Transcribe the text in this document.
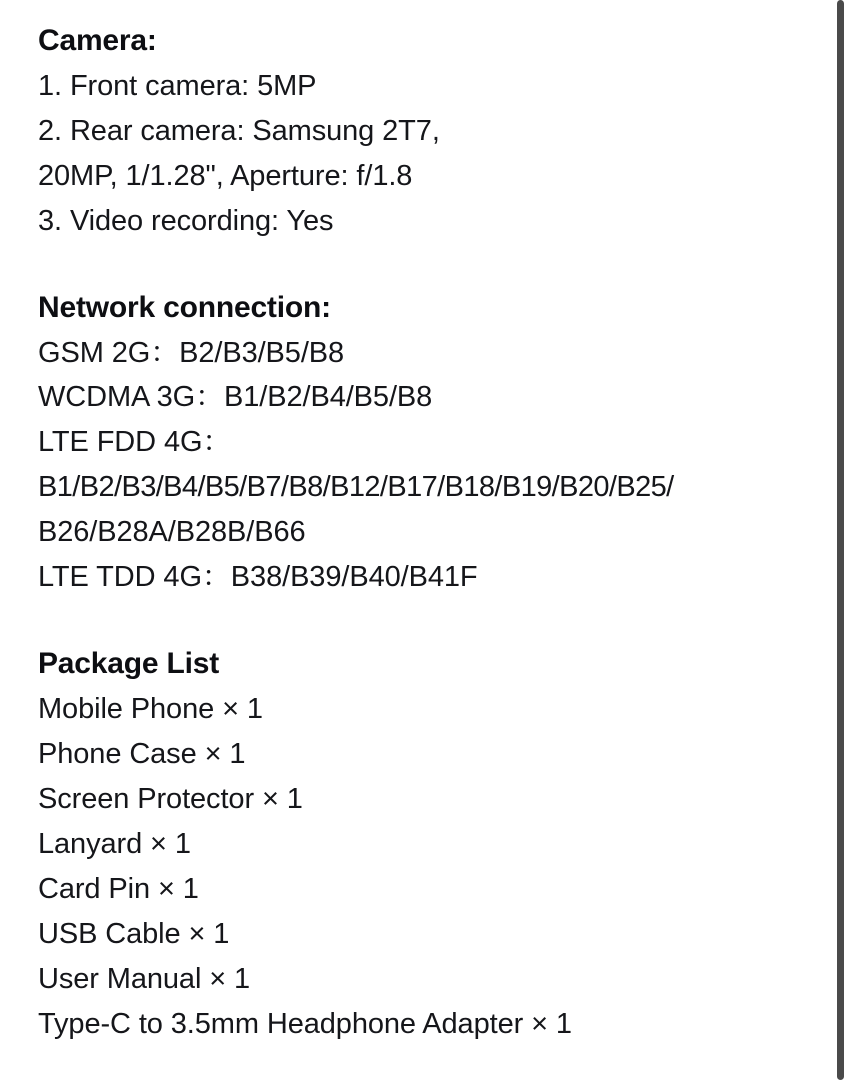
Camera:
1. Front camera: 5MP
2. Rear camera: Samsung 2T7,
20MP, 1/1.28", Aperture: f/1.8
3. Video recording: Yes
Network connection:
GSM 2G：B2/B3/B5/B8
WCDMA 3G：B1/B2/B4/B5/B8
LTE FDD 4G：
B1/B2/B3/B4/B5/B7/B8/B12/B17/B18/B19/B20/B25/
B26/B28A/B28B/B66
LTE TDD 4G：B38/B39/B40/B41F
Package List
Mobile Phone × 1
Phone Case × 1
Screen Protector × 1
Lanyard × 1
Card Pin × 1
USB Cable × 1
User Manual × 1
Type-C to 3.5mm Headphone Adapter × 1
